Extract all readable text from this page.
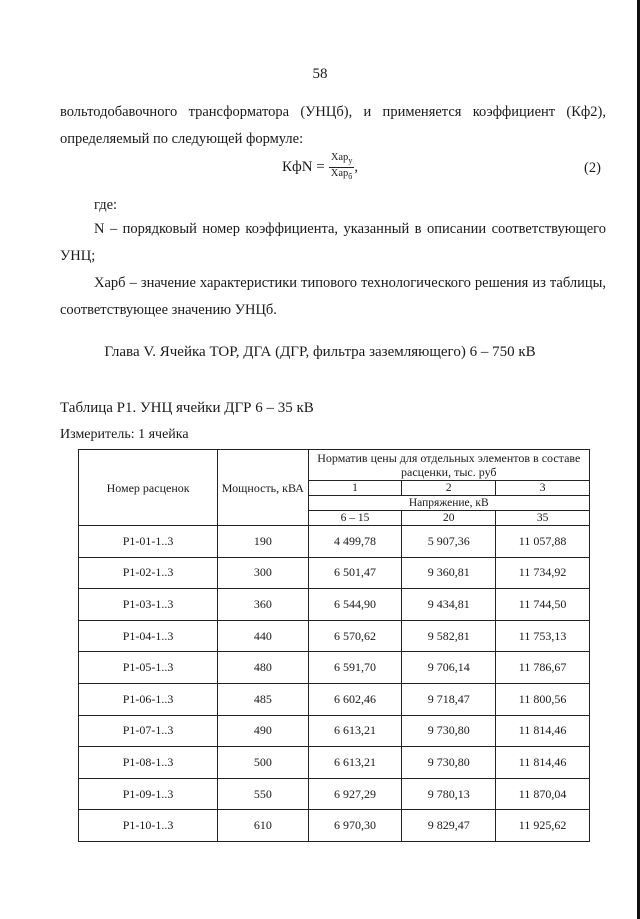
58
вольтодобавочного трансформатора (УНЦб), и применяется коэффициент (Кф2),
определяемый по следующей формуле:
КфN = $\frac{Хар_у}{Хар_б}$ ,	(2)
где:
N – порядковый номер коэффициента, указанный в описании соответствующего
УНЦ;
Харб – значение характеристики типового технологического решения из таблицы,
соответствующее значению УНЦб.
Глава V. Ячейка ТОР, ДГА (ДГР, фильтра заземляющего) 6 – 750 кВ
Таблица Р1. УНЦ ячейки ДГР 6 – 35 кВ
Измеритель: 1 ячейка
Номер расценок	Мощность, кВА	Норматив цены для отдельных элементов в составе расценки, тыс. руб		
		1	2	3
		Напряжение, кВ		
		6 – 15	20	35
Р1-01-1..3	190	4 499,78	5 907,36	11 057,88
Р1-02-1..3	300	6 501,47	9 360,81	11 734,92
Р1-03-1..3	360	6 544,90	9 434,81	11 744,50
Р1-04-1..3	440	6 570,62	9 582,81	11 753,13
Р1-05-1..3	480	6 591,70	9 706,14	11 786,67
Р1-06-1..3	485	6 602,46	9 718,47	11 800,56
Р1-07-1..3	490	6 613,21	9 730,80	11 814,46
Р1-08-1..3	500	6 613,21	9 730,80	11 814,46
Р1-09-1..3	550	6 927,29	9 780,13	11 870,04
Р1-10-1..3	610	6 970,30	9 829,47	11 925,62
